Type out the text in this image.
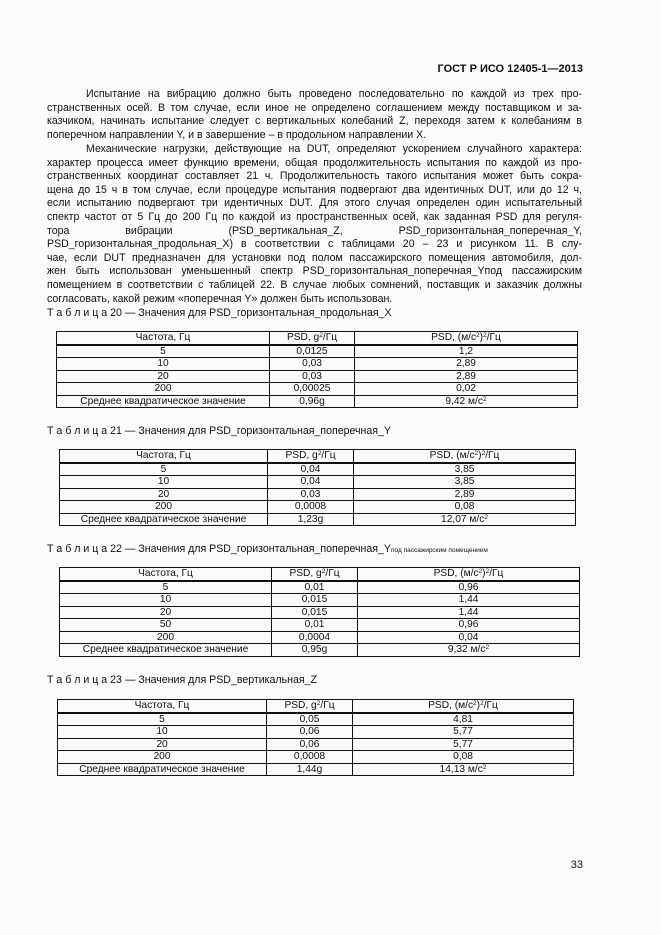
ГОСТ Р ИСО 12405-1—2013

Испытание на вибрацию должно быть проведено последовательно по каждой из трех про-
странственных осей. В том случае, если иное не определено соглашением между поставщиком и за-
казчиком, начинать испытание следует с вертикальных колебаний Z, переходя затем к колебаниям в
поперечном направлении Y, и в завершение – в продольном направлении X.

Механические нагрузки, действующие на DUT, определяют ускорением случайного характера:
характер процесса имеет функцию времени, общая продолжительность испытания по каждой из про-
странственных координат составляет 21 ч. Продолжительность такого испытания может быть сокра-
щена до 15 ч в том случае, если процедуре испытания подвергают два идентичных DUT, или до 12 ч,
если испытанию подвергают три идентичных DUT. Для этого случая определен один испытательный
спектр частот от 5 Гц до 200 Гц по каждой из пространственных осей, как заданная PSD для регуля-
тора вибрации (PSD_вертикальная_Z, PSD_горизонтальная_поперечная_Y,
PSD_горизонтальная_продольная_X) в соответствии с таблицами 20 – 23 и рисунком 11. В слу-
чае, если DUT предназначен для установки под полом пассажирского помещения автомобиля, дол-
жен быть использован уменьшенный спектр PSD_горизонтальная_поперечная_Yпод пассажирским
помещением в соответствии с таблицей 22. В случае любых сомнений, поставщик и заказчик должны
согласовать, какой режим «поперечная Y» должен быть использован.

Т а б л и ц а 20 — Значения для PSD_горизонтальная_продольная_X
Частота, Гц	PSD, $g^2/Гц$	PSD, $(м/с^2)^2/Гц$
5	0,0125	1,2
10	0,03	2,89
20	0,03	2,89
200	0,00025	0,02
Среднее квадратическое значение	0,96g	9,42 $м/с^2$
Т а б л и ц а 21 — Значения для PSD_горизонтальная_поперечная_Y
Частота, Гц	PSD, $g^2/Гц$	PSD, $(м/с^2)^2/Гц$
5	0,04	3,85
10	0,04	3,85
20	0,03	2,89
200	0,0008	0,08
Среднее квадратическое значение	1,23g	12,07 $м/с^2$
Т а б л и ц а 22 — Значения для PSD_горизонтальная_поперечная_Yпод пассажирским помещением
Частота, Гц	PSD, $g^2/Гц$	PSD, $(м/с^2)^2/Гц$
5	0,01	0,96
10	0,015	1,44
20	0,015	1,44
50	0,01	0,96
200	0,0004	0,04
Среднее квадратическое значение	0,95g	9,32 $м/с^2$
Т а б л и ц а 23 — Значения для PSD_вертикальная_Z
Частота, Гц	PSD, $g^2/Гц$	PSD, $(м/с^2)^2/Гц$
5	0,05	4,81
10	0,06	5,77
20	0,06	5,77
200	0,0008	0,08
Среднее квадратическое значение	1,44g	14,13 $м/с^2$
33
